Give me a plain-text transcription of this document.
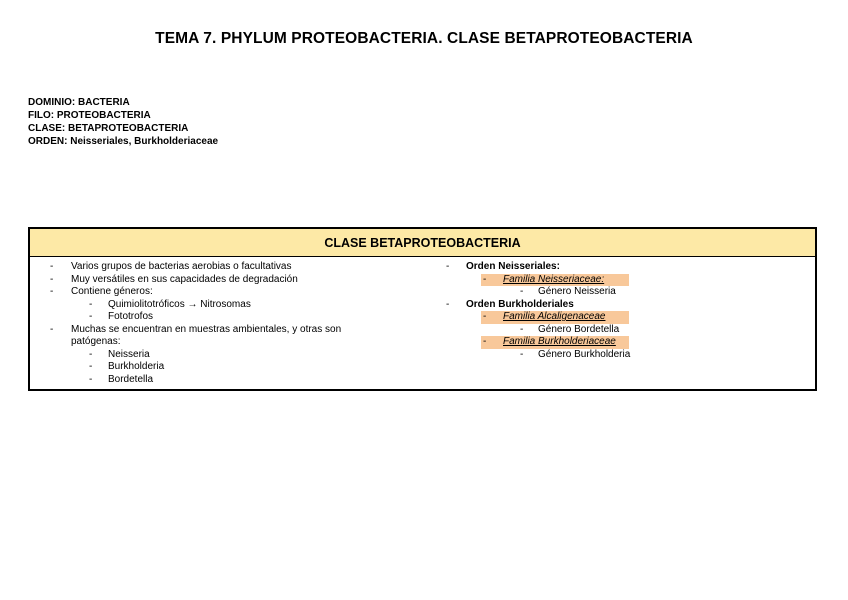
TEMA 7. PHYLUM PROTEOBACTERIA. CLASE BETAPROTEOBACTERIA
DOMINIO: BACTERIA
FILO: PROTEOBACTERIA
CLASE: BETAPROTEOBACTERIA
ORDEN: Neisseriales, Burkholderiaceae
CLASE BETAPROTEOBACTERIA
- Varios grupos de bacterias aerobias o facultativas
- Muy versátiles en sus capacidades de degradación
- Contiene géneros:
- Quimiolitotróficos → Nitrosomas
- Fototrofos
- Muchas se encuentran en muestras ambientales, y otras son
patógenas:
- Neisseria
- Burkholderia
- Bordetella
- Orden Neisseriales:
- Familia Neisseriaceae:
- Género Neisseria
- Orden Burkholderiales
- Familia Alcaligenaceae
- Género Bordetella
- Familia Burkholderiaceae
- Género Burkholderia
